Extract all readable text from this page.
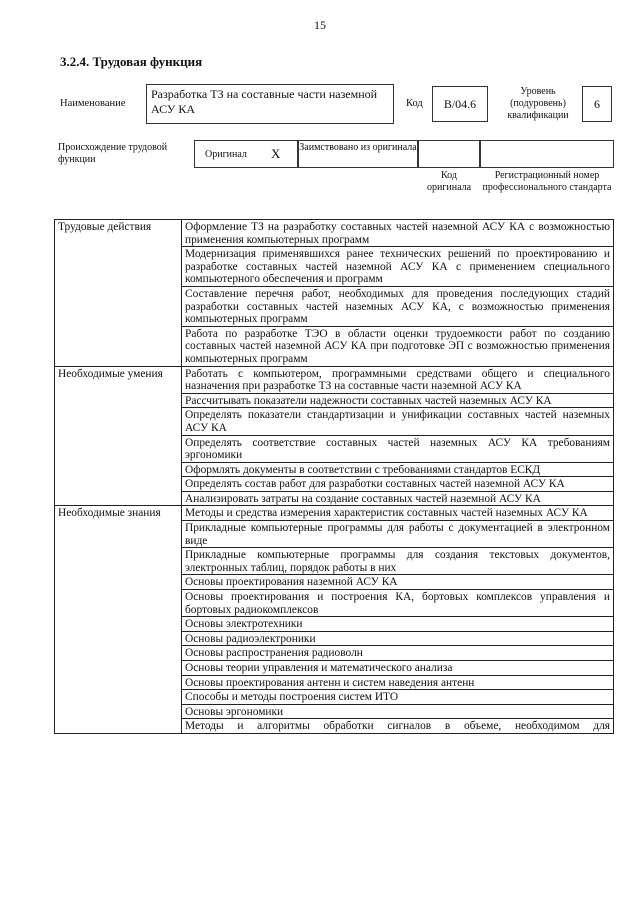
15
3.2.4. Трудовая функция
Наименование
Разработка ТЗ на составные части наземной АСУ КА	Код	B/04.6
Уровень (подуровень) квалификации
6
Происхождение трудовой функции	Оригинал X Заимствовано из оригинала
Код оригинала
Регистрационный номер профессионального стандарта
Трудовые действия	Оформление ТЗ на разработку составных частей наземной АСУ КА с возможностью применения компьютерных программ
	Модернизация применявшихся ранее технических решений по проектированию и разработке составных частей наземной АСУ КА с применением специального компьютерного обеспечения и программ
	Составление перечня работ, необходимых для проведения последующих стадий разработки составных частей наземных АСУ КА, с возможностью применения компьютерных программ
	Работа по разработке ТЭО в области оценки трудоемкости работ по созданию составных частей наземной АСУ КА при подготовке ЭП с возможностью применения компьютерных программ
Необходимые умения	Работать с компьютером, программными средствами общего и специального назначения при разработке ТЗ на составные части наземной АСУ КА
	Рассчитывать показатели надежности составных частей наземных АСУ КА
	Определять показатели стандартизации и унификации составных частей наземных АСУ КА
	Определять соответствие составных частей наземных АСУ КА требованиям эргономики
	Оформлять документы в соответствии с требованиями стандартов ЕСКД
	Определять состав работ для разработки составных частей наземной АСУ КА
	Анализировать затраты на создание составных частей наземной АСУ КА
Необходимые знания	Методы и средства измерения характеристик составных частей наземных АСУ КА
	Прикладные компьютерные программы для работы с документацией в электронном виде
	Прикладные компьютерные программы для создания текстовых документов, электронных таблиц, порядок работы в них
	Основы проектирования наземной АСУ КА
	Основы проектирования и построения КА, бортовых комплексов управления и бортовых радиокомплексов
	Основы электротехники
	Основы радиоэлектроники
	Основы распространения радиоволн
	Основы теории управления и математического анализа
	Основы проектирования антенн и систем наведения антенн
	Способы и методы построения систем ИТО
	Основы эргономики
	Методы и алгоритмы обработки сигналов в объеме, необходимом для
